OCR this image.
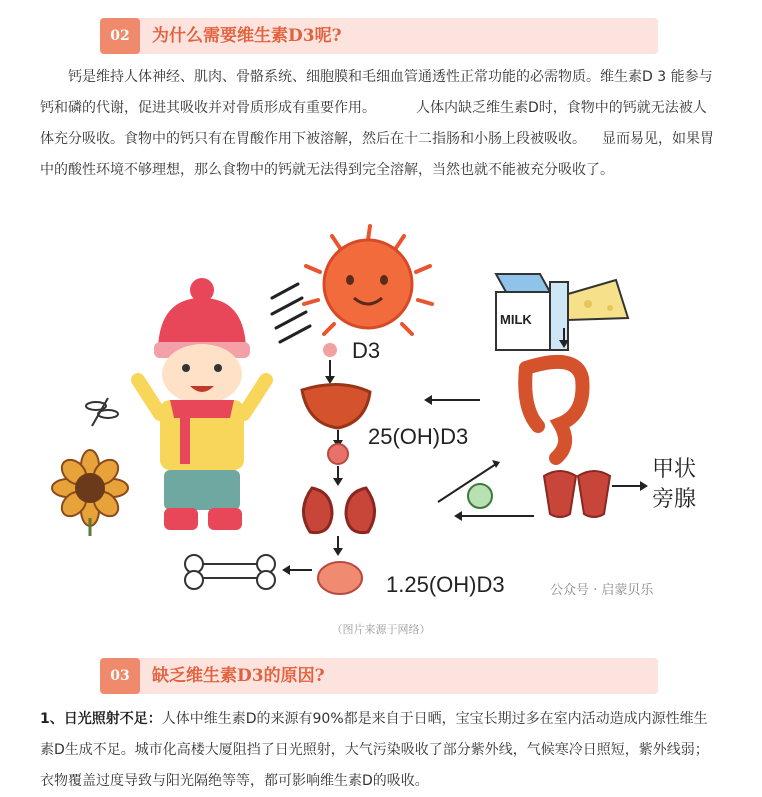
02	为什么需要维生素D3呢?

钙是维持人体神经、肌肉、骨骼系统、细胞膜和毛细血管通透性正常功能的必需物质。维生素D 3 能参与钙和磷的代谢，促进其吸收并对骨质形成有重要作用。	人体内缺乏维生素D时，食物中的钙就无法被人体充分吸收。食物中的钙只有在胃酸作用下被溶解，然后在十二指肠和小肠上段被吸收。 显而易见，如果胃中的酸性环境不够理想，那么食物中的钙就无法得到完全溶解，当然也就不能被充分吸收了。

D3
25(OH)D3
1.25(OH)D3
MILK
甲状
旁腺
公众号 · 启蒙贝乐
（图片来源于网络）
03	缺乏维生素D3的原因?

1、日光照射不足：人体中维生素D的来源有90%都是来自于日晒，宝宝长期过多在室内活动造成内源性维生素D生成不足。城市化高楼大厦阻挡了日光照射，大气污染吸收了部分紫外线，气候寒冷日照短，紫外线弱；衣物覆盖过度导致与阳光隔绝等等，都可影响维生素D的吸收。
